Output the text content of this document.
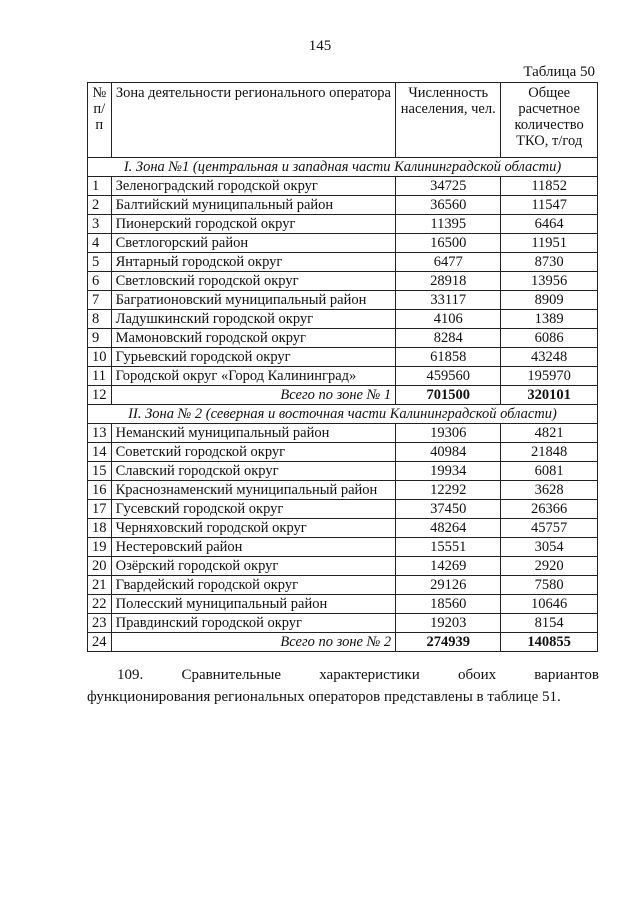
145
Таблица 50
№ п/п	Зона деятельности регионального оператора	Численность населения, чел.	Общее расчетное количество ТКО, т/год
I. Зона №1 (центральная и западная части Калининградской области)			
1	Зеленоградский городской округ	34725	11852
2	Балтийский муниципальный район	36560	11547
3	Пионерский городской округ	11395	6464
4	Светлогорский район	16500	11951
5	Янтарный городской округ	6477	8730
6	Светловский городской округ	28918	13956
7	Багратионовский муниципальный район	33117	8909
8	Ладушкинский городской округ	4106	1389
9	Мамоновский городской округ	8284	6086
10	Гурьевский городской округ	61858	43248
11	Городской округ «Город Калининград»	459560	195970
12	Всего по зоне № 1	701500	320101
II. Зона № 2 (северная и восточная части Калининградской области)			
13	Неманский муниципальный район	19306	4821
14	Советский городской округ	40984	21848
15	Славский городской округ	19934	6081
16	Краснознаменский муниципальный район	12292	3628
17	Гусевский городской округ	37450	26366
18	Черняховский городской округ	48264	45757
19	Нестеровский район	15551	3054
20	Озёрский городской округ	14269	2920
21	Гвардейский городской округ	29126	7580
22	Полесский муниципальный район	18560	10646
23	Правдинский городской округ	19203	8154
24	Всего по зоне № 2	274939	140855
109.	Сравнительные	характеристики	обоих	вариантов
функционирования региональных операторов представлены в таблице 51.
